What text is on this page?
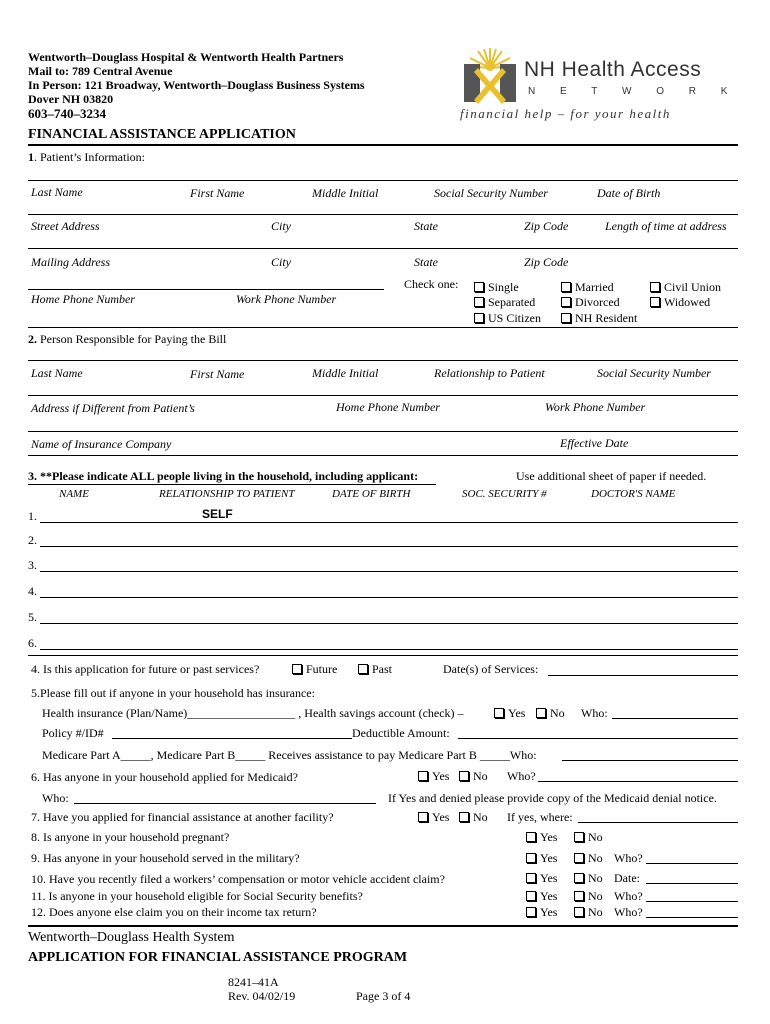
Wentworth–Douglass Hospital & Wentworth Health Partners
Mail to: 789 Central Avenue
In Person: 121 Broadway, Wentworth–Douglass Business Systems
Dover NH 03820
603–740–3234
NH Health Access
N E T W O R K
financial help – for your health
FINANCIAL ASSISTANCE APPLICATION
1. Patient’s Information:
Last Name	First Name	Middle Initial	Social Security Number	Date of Birth
Street Address	City	State	Zip Code	Length of time at address
Mailing Address	City	State	Zip Code
Home Phone Number	Work Phone Number
Check one:	Single	Married	Civil Union
Separated	Divorced	Widowed
US Citizen	NH Resident
2. Person Responsible for Paying the Bill
Last Name	First Name	Middle Initial	Relationship to Patient	Social Security Number
Address if Different from Patient’s	Home Phone Number	Work Phone Number
Name of Insurance Company	Effective Date
3. **Please indicate ALL people living in the household, including applicant:	Use additional sheet of paper if needed.
NAME	RELATIONSHIP TO PATIENT	DATE OF BIRTH	SOC. SECURITY #	DOCTOR'S NAME
1.	SELF
2.
3.
4.
5.
6.
4. Is this application for future or past services?	Future	Past	Date(s) of Services:
5.Please fill out if anyone in your household has insurance:
Health insurance (Plan/Name)__________________ , Health savings account (check) –	Yes	No Who:
Policy #/ID#	Deductible Amount:
Medicare Part A_____, Medicare Part B_____ Receives assistance to pay Medicare Part B _____Who:
6. Has anyone in your household applied for Medicaid?	Yes	No Who?
Who:	If Yes and denied please provide copy of the Medicaid denial notice.
7. Have you applied for financial assistance at another facility?	Yes	No If yes, where:
8. Is anyone in your household pregnant?	Yes	No
9. Has anyone in your household served in the military?	Yes	No Who?
10. Have you recently filed a workers’ compensation or motor vehicle accident claim?	Yes	No Date:
11. Is anyone in your household eligible for Social Security benefits?	Yes	No Who?
12. Does anyone else claim you on their income tax return?	Yes	No Who?
Wentworth–Douglass Health System
APPLICATION FOR FINANCIAL ASSISTANCE PROGRAM
8241–41A
Rev. 04/02/19	Page 3 of 4
